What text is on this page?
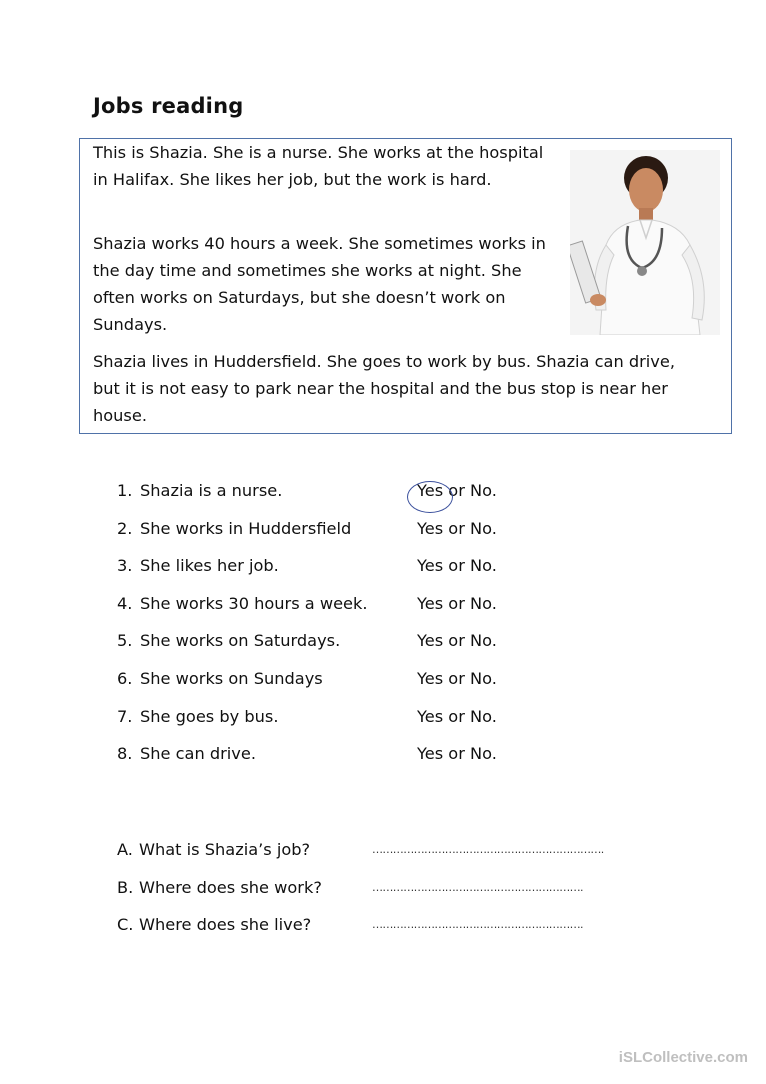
Jobs reading

This is Shazia. She is a nurse. She works at the hospital in Halifax. She likes her job, but the work is hard.

Shazia works 40 hours a week. She sometimes works in the day time and sometimes she works at night. She often works on Saturdays, but she doesn’t work on Sundays.

Shazia lives in Huddersfield. She goes to work by bus. Shazia can drive, but it is not easy to park near the hospital and the bus stop is near her house.

1. Shazia is a nurse.	Yes or No.
2. She works in Huddersfield	Yes or No.
3. She likes her job.	Yes or No.
4. She works 30 hours a week.	Yes or No.
5. She works on Saturdays.	Yes or No.
6. She works on Sundays	Yes or No.
7. She goes by bus.	Yes or No.
8. She can drive.	Yes or No.
A. What is Shazia’s job?	………………………………………………………….
B. Where does she work?	…………………………………………………….
C. Where does she live?	…………………………………………………….
iSLCollective.com
